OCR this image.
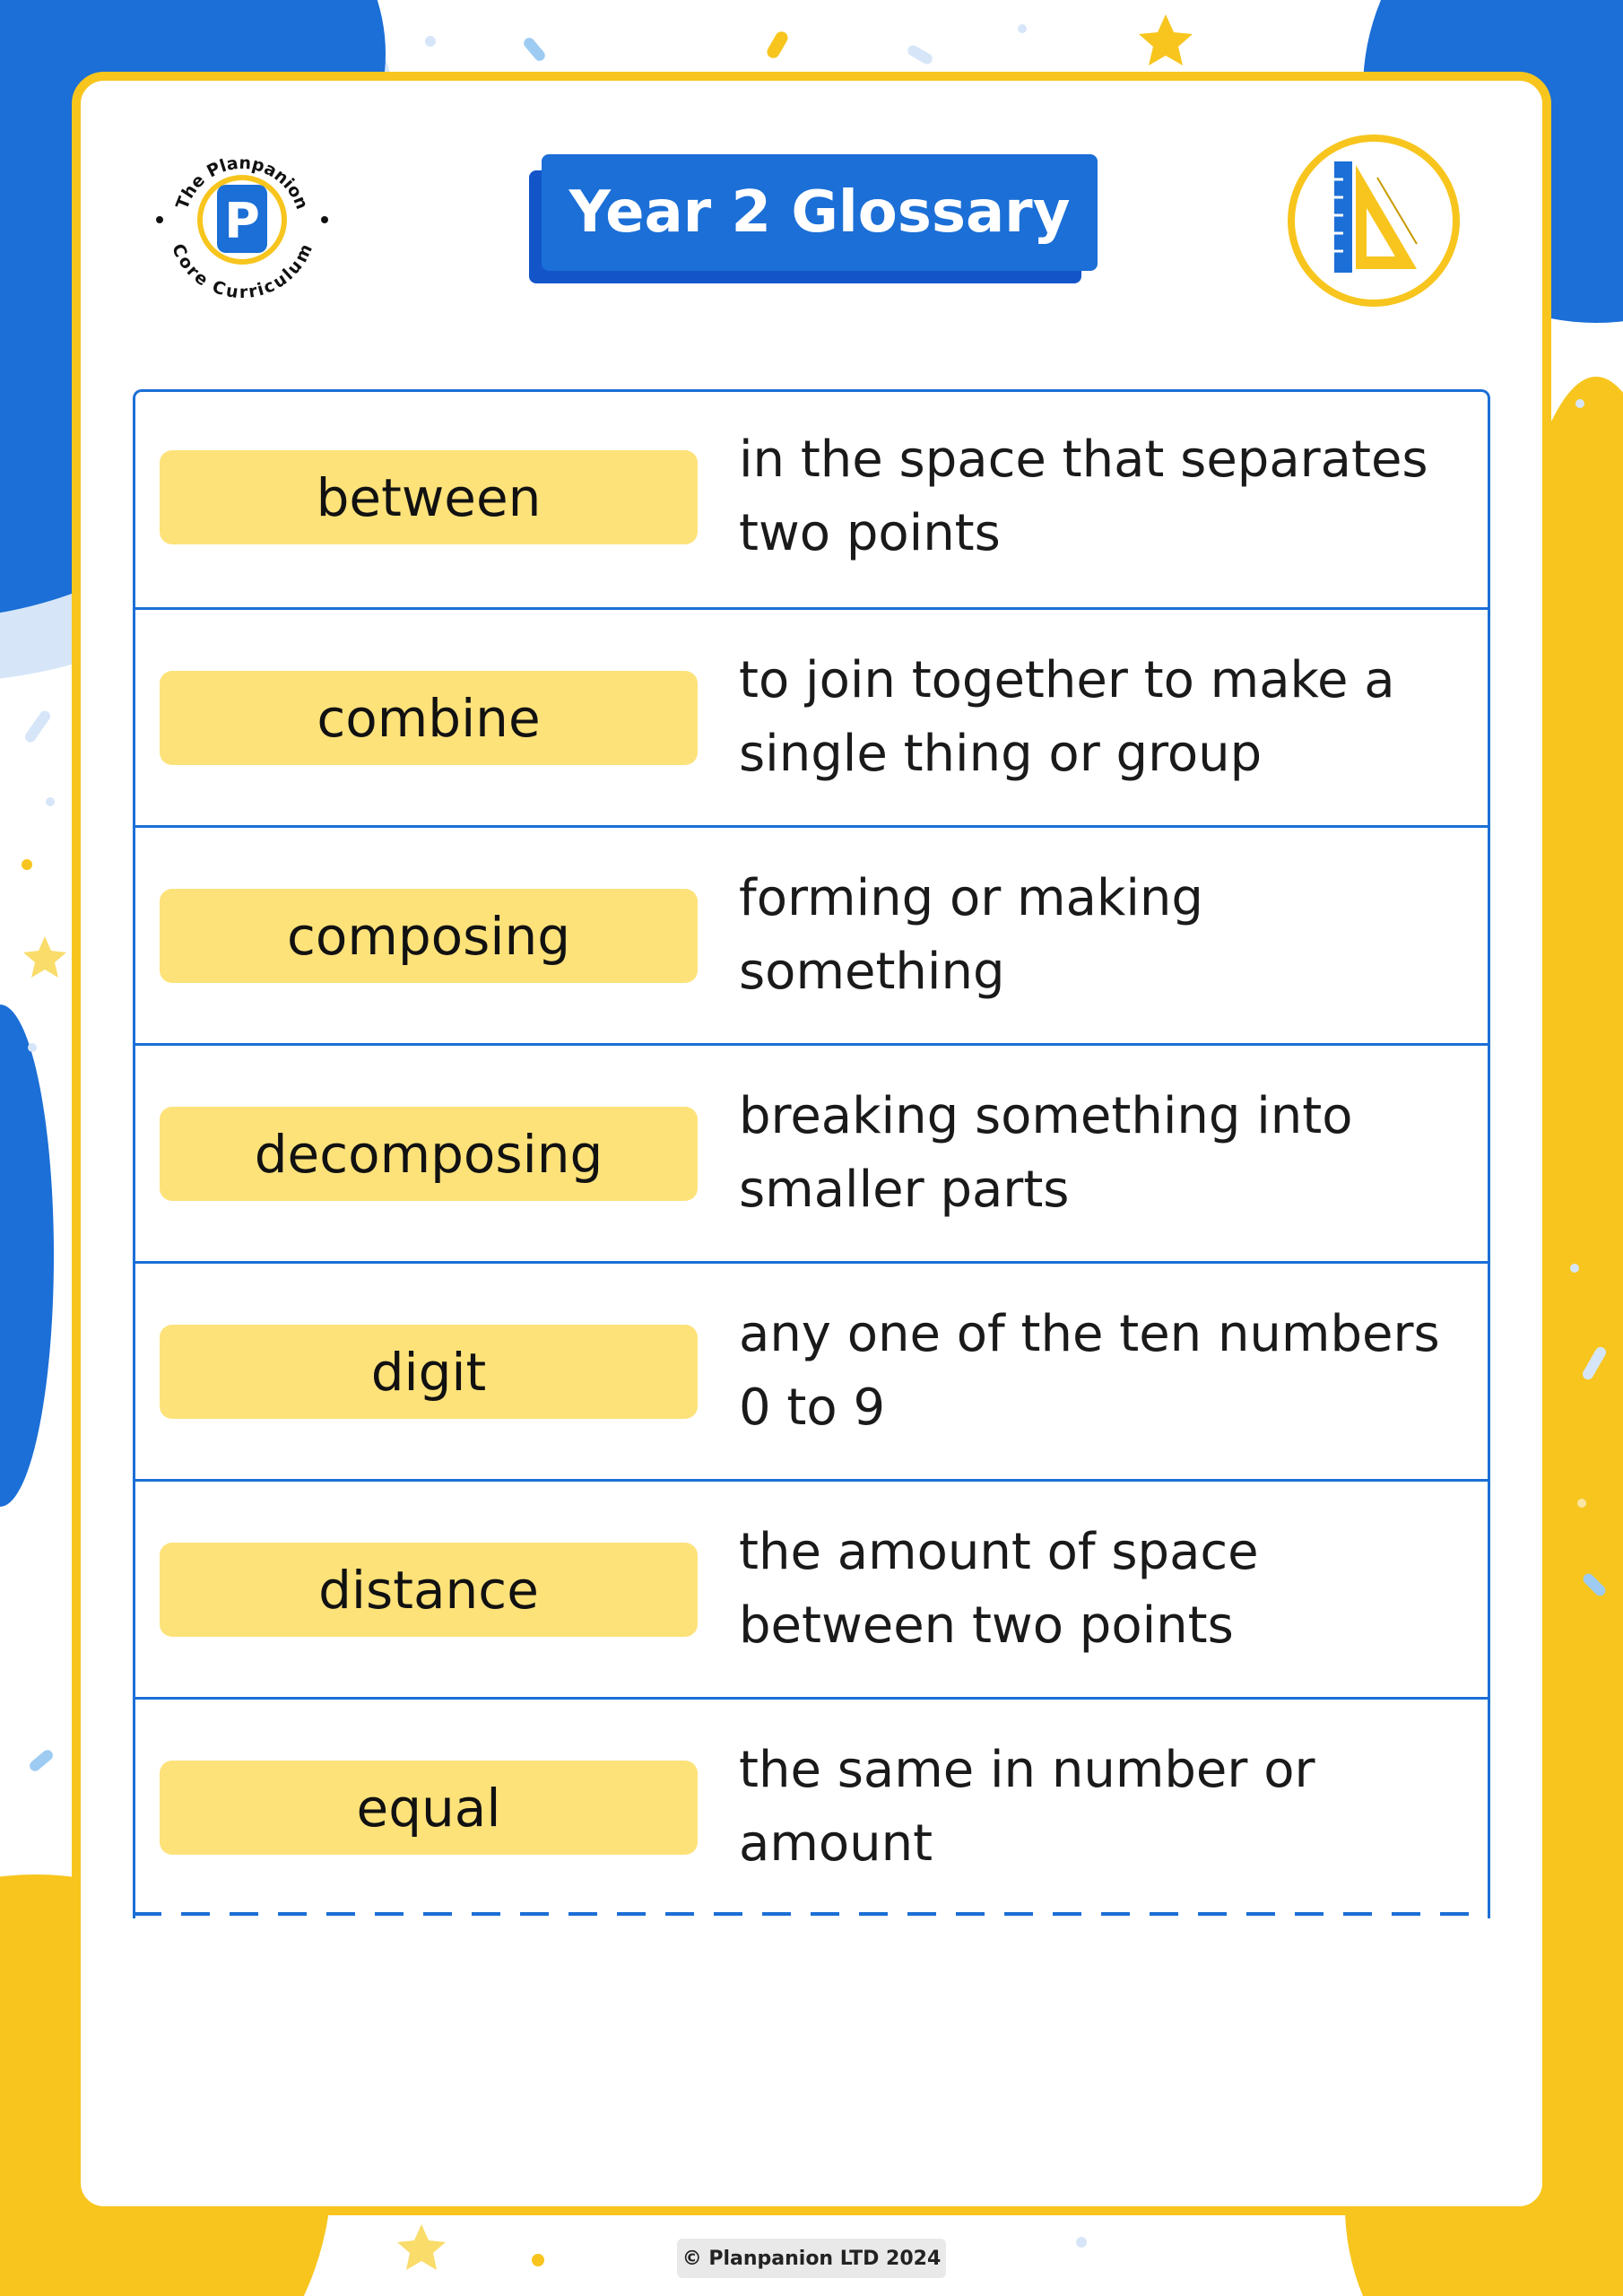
P
The Planpanion
Core Curriculum
Year 2 Glossary
between
in the space that separates
two points
combine
to join together to make a
single thing or group
composing
forming or making
something
decomposing
breaking something into
smaller parts
digit
any one of the ten numbers
0 to 9
distance
the amount of space
between two points
equal
the same in number or
amount
© Planpanion LTD 2024
